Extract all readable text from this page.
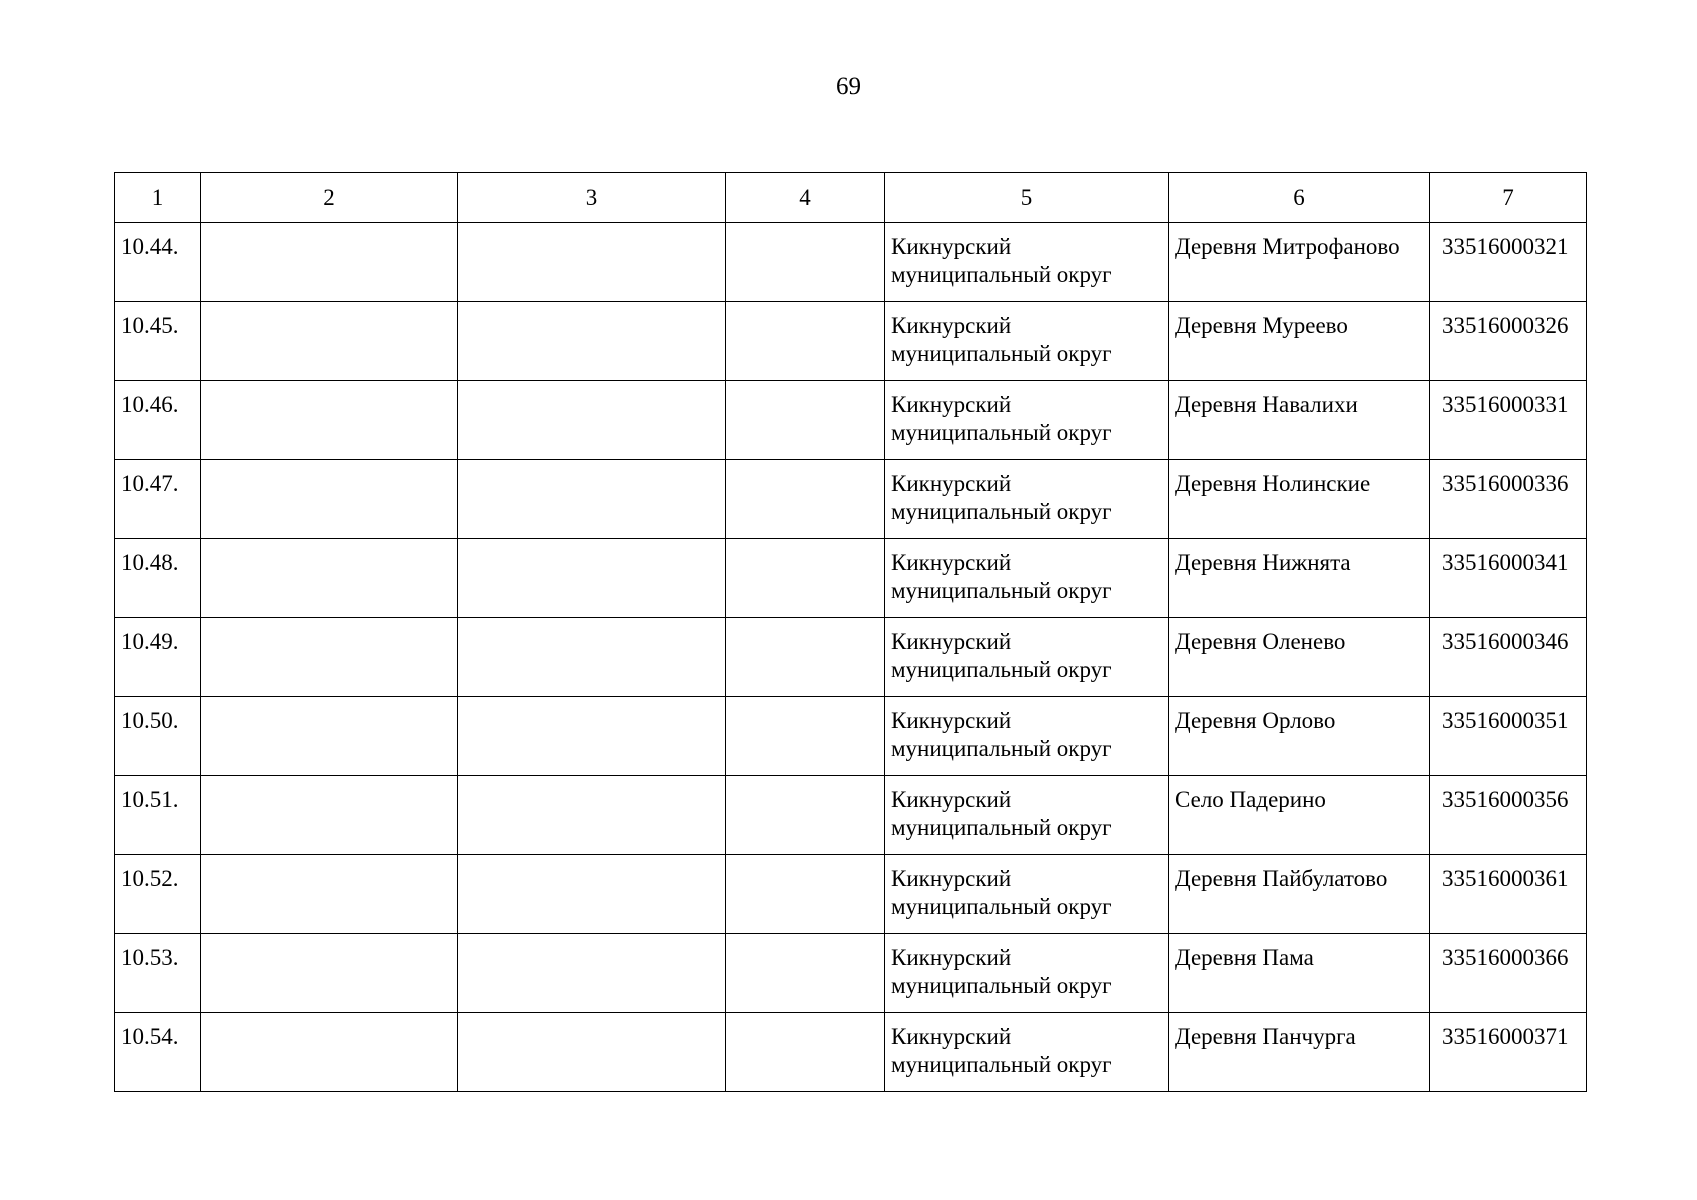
69
1	2	3	4	5	6	7

10.44.				Кикнурский
муниципальный округ	Деревня Митрофаново	33516000321

10.45.				Кикнурский
муниципальный округ	Деревня Муреево	33516000326

10.46.				Кикнурский
муниципальный округ	Деревня Навалихи	33516000331

10.47.				Кикнурский
муниципальный округ	Деревня Нолинские	33516000336

10.48.				Кикнурский
муниципальный округ	Деревня Нижнята	33516000341

10.49.				Кикнурский
муниципальный округ	Деревня Оленево	33516000346

10.50.				Кикнурский
муниципальный округ	Деревня Орлово	33516000351

10.51.				Кикнурский
муниципальный округ	Село Падерино	33516000356

10.52.				Кикнурский
муниципальный округ	Деревня Пайбулатово	33516000361

10.53.				Кикнурский
муниципальный округ	Деревня Пама	33516000366

10.54.				Кикнурский
муниципальный округ	Деревня Панчурга	33516000371
